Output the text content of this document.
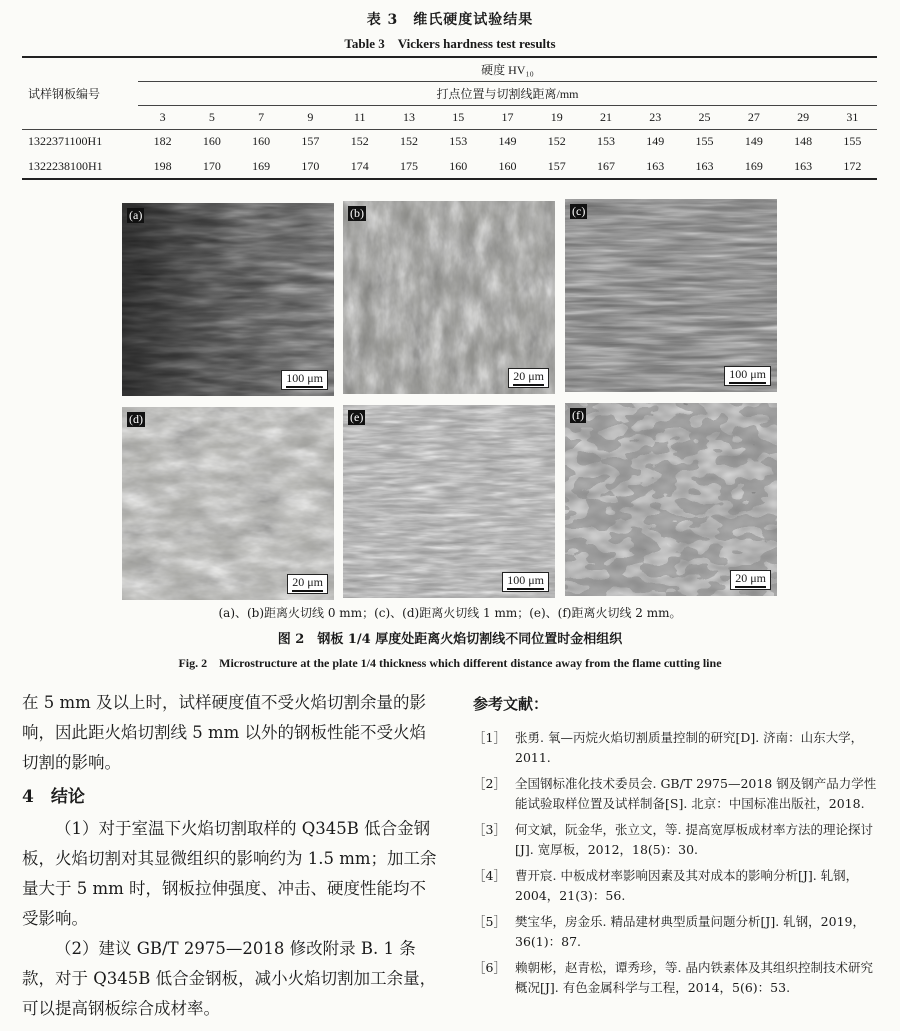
表 3　维氏硬度试验结果
Table 3　Vickers hardness test results
试样钢板编号	硬度 HV₁₀														
	打点位置与切割线距离/mm														
	3	5	7	9	11	13	15	17	19	21	23	25	27	29	31
1322371100H1	182	160	160	157	152	152	153	149	152	153	149	155	149	148	155
1322238100H1	198	170	169	170	174	175	160	160	157	167	163	163	169	163	172
(a)
100 μm
(b)
20 μm
(c)
100 μm
(d)
20 μm
(e)
100 μm
(f)
20 μm
(a)、(b)距离火切线 0 mm；(c)、(d)距离火切线 1 mm；(e)、(f)距离火切线 2 mm。
图 2　钢板 1/4 厚度处距离火焰切割线不同位置时金相组织
Fig. 2　Microstructure at the plate 1/4 thickness which different distance away from the flame cutting line

在 5 mm 及以上时，试样硬度值不受火焰切割余量的影响，因此距火焰切割线 5 mm 以外的钢板性能不受火焰切割的影响。

4　结论

（1）对于室温下火焰切割取样的 Q345B 低合金钢板，火焰切割对其显微组织的影响约为 1.5 mm；加工余量大于 5 mm 时，钢板拉伸强度、冲击、硬度性能均不受影响。

（2）建议 GB/T 2975—2018 修改附录 B. 1 条款，对于 Q345B 低合金钢板，减小火焰切割加工余量，可以提高钢板综合成材率。

参考文献：
［1］ 张勇. 氧—丙烷火焰切割质量控制的研究[D]. 济南：山东大学，2011.
［2］ 全国钢标准化技术委员会. GB/T 2975—2018 钢及钢产品力学性能试验取样位置及试样制备[S]. 北京：中国标准出版社，2018.
［3］ 何文斌，阮金华，张立文，等. 提高宽厚板成材率方法的理论探讨[J]. 宽厚板，2012，18(5)：30.
［4］ 曹开宸. 中板成材率影响因素及其对成本的影响分析[J]. 轧钢，2004，21(3)：56.
［5］ 樊宝华，房金乐. 精品建材典型质量问题分析[J]. 轧钢，2019，36(1)：87.
［6］ 赖朝彬，赵青松，谭秀珍，等. 晶内铁素体及其组织控制技术研究概况[J]. 有色金属科学与工程，2014，5(6)：53.
